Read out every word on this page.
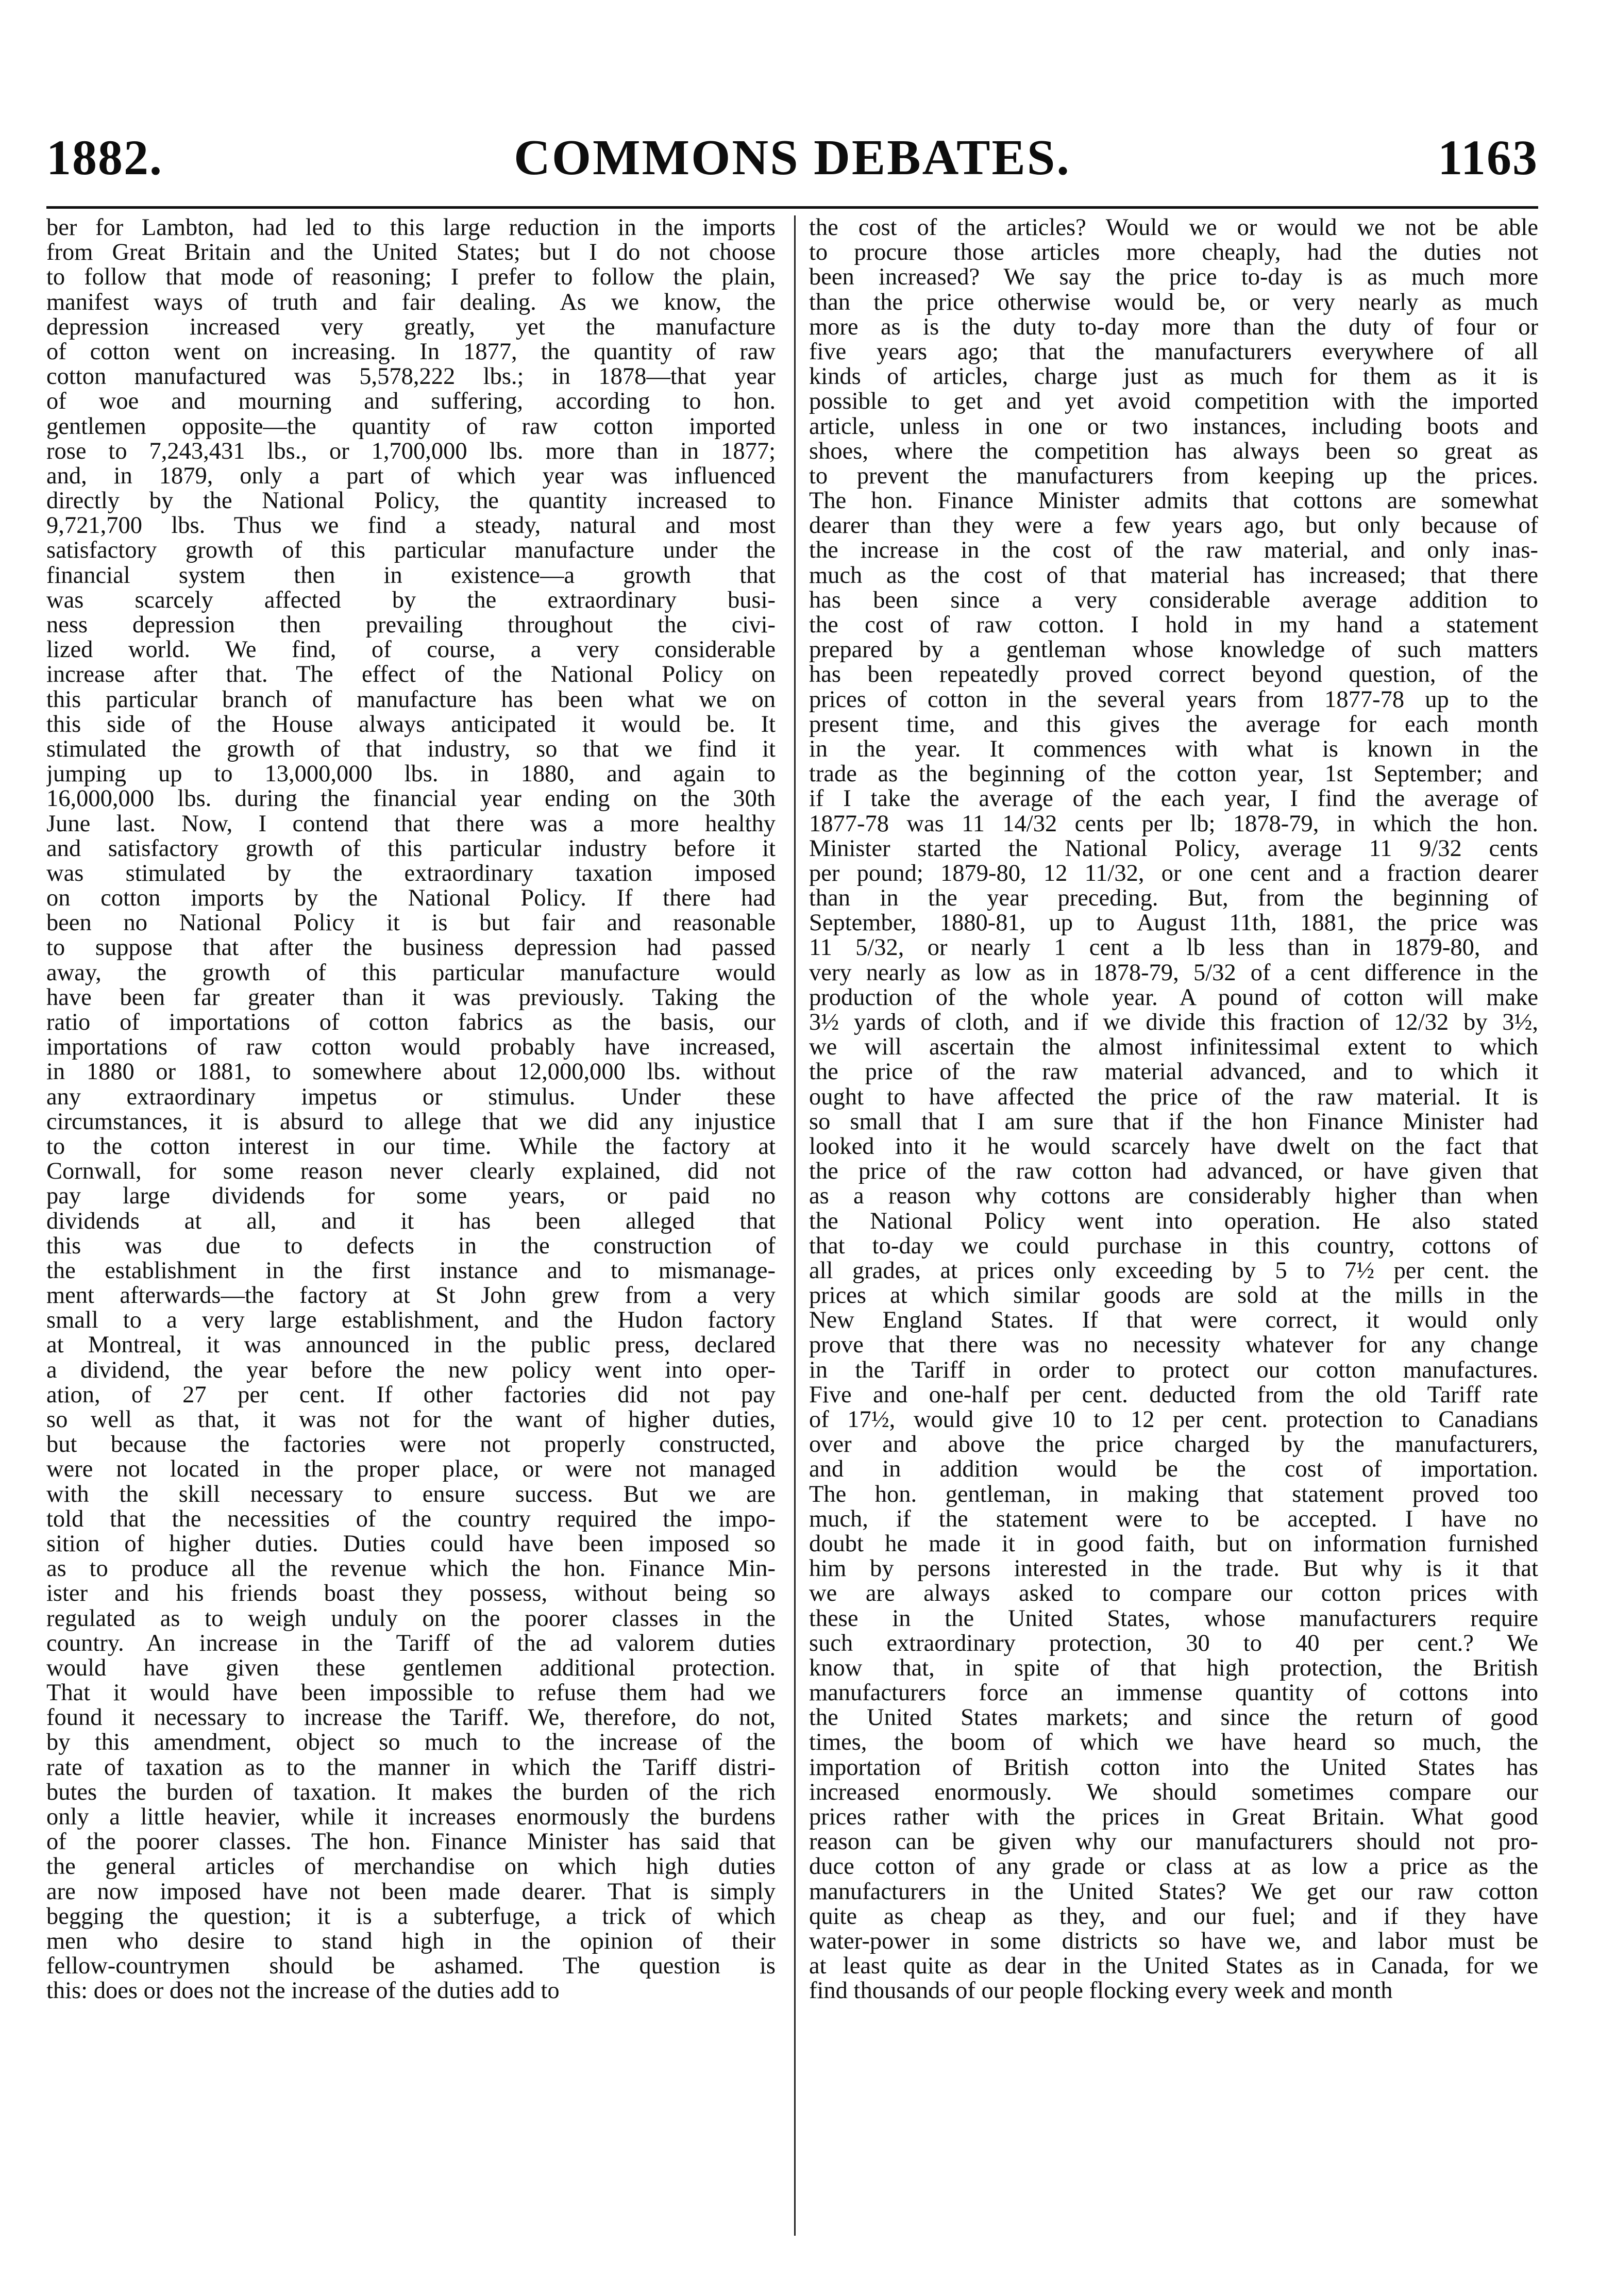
1882.	COMMONS DEBATES.	1163
ber for Lambton, had led to this large reduction in the imports
from Great Britain and the United States; but I do not choose
to follow that mode of reasoning; I prefer to follow the plain,
manifest ways of truth and fair dealing. As we know, the
depression increased very greatly, yet the manufacture
of cotton went on increasing. In 1877, the quantity of raw
cotton manufactured was 5,578,222 lbs.; in 1878—that year
of woe and mourning and suffering, according to hon.
gentlemen opposite—the quantity of raw cotton imported
rose to 7,243,431 lbs., or 1,700,000 lbs. more than in 1877;
and, in 1879, only a part of which year was influenced
directly by the National Policy, the quantity increased to
9,721,700 lbs. Thus we find a steady, natural and most
satisfactory growth of this particular manufacture under the
financial system then in existence—a growth that
was scarcely affected by the extraordinary busi-
ness depression then prevailing throughout the civi-
lized world. We find, of course, a very considerable
increase after that. The effect of the National Policy on
this particular branch of manufacture has been what we on
this side of the House always anticipated it would be. It
stimulated the growth of that industry, so that we find it
jumping up to 13,000,000 lbs. in 1880, and again to
16,000,000 lbs. during the financial year ending on the 30th
June last. Now, I contend that there was a more healthy
and satisfactory growth of this particular industry before it
was stimulated by the extraordinary taxation imposed
on cotton imports by the National Policy. If there had
been no National Policy it is but fair and reasonable
to suppose that after the business depression had passed
away, the growth of this particular manufacture would
have been far greater than it was previously. Taking the
ratio of importations of cotton fabrics as the basis, our
importations of raw cotton would probably have increased,
in 1880 or 1881, to somewhere about 12,000,000 lbs. without
any extraordinary impetus or stimulus. Under these
circumstances, it is absurd to allege that we did any injustice
to the cotton interest in our time. While the factory at
Cornwall, for some reason never clearly explained, did not
pay large dividends for some years, or paid no
dividends at all, and it has been alleged that
this was due to defects in the construction of
the establishment in the first instance and to mismanage-
ment afterwards—the factory at St John grew from a very
small to a very large establishment, and the Hudon factory
at Montreal, it was announced in the public press, declared
a dividend, the year before the new policy went into oper-
ation, of 27 per cent. If other factories did not pay
so well as that, it was not for the want of higher duties,
but because the factories were not properly constructed,
were not located in the proper place, or were not managed
with the skill necessary to ensure success. But we are
told that the necessities of the country required the impo-
sition of higher duties. Duties could have been imposed so
as to produce all the revenue which the hon. Finance Min-
ister and his friends boast they possess, without being so
regulated as to weigh unduly on the poorer classes in the
country. An increase in the Tariff of the ad valorem duties
would have given these gentlemen additional protection.
That it would have been impossible to refuse them had we
found it necessary to increase the Tariff. We, therefore, do not,
by this amendment, object so much to the increase of the
rate of taxation as to the manner in which the Tariff distri-
butes the burden of taxation. It makes the burden of the rich
only a little heavier, while it increases enormously the burdens
of the poorer classes. The hon. Finance Minister has said that
the general articles of merchandise on which high duties
are now imposed have not been made dearer. That is simply
begging the question; it is a subterfuge, a trick of which
men who desire to stand high in the opinion of their
fellow-countrymen should be ashamed. The question is
this: does or does not the increase of the duties add to
the cost of the articles? Would we or would we not be able
to procure those articles more cheaply, had the duties not
been increased? We say the price to-day is as much more
than the price otherwise would be, or very nearly as much
more as is the duty to-day more than the duty of four or
five years ago; that the manufacturers everywhere of all
kinds of articles, charge just as much for them as it is
possible to get and yet avoid competition with the imported
article, unless in one or two instances, including boots and
shoes, where the competition has always been so great as
to prevent the manufacturers from keeping up the prices.
The hon. Finance Minister admits that cottons are somewhat
dearer than they were a few years ago, but only because of
the increase in the cost of the raw material, and only inas-
much as the cost of that material has increased; that there
has been since a very considerable average addition to
the cost of raw cotton. I hold in my hand a statement
prepared by a gentleman whose knowledge of such matters
has been repeatedly proved correct beyond question, of the
prices of cotton in the several years from 1877-78 up to the
present time, and this gives the average for each month
in the year. It commences with what is known in the
trade as the beginning of the cotton year, 1st September; and
if I take the average of the each year, I find the average of
1877-78 was 11 14/32 cents per lb; 1878-79, in which the hon.
Minister started the National Policy, average 11 9/32 cents
per pound; 1879-80, 12 11/32, or one cent and a fraction dearer
than in the year preceding. But, from the beginning of
September, 1880-81, up to August 11th, 1881, the price was
11 5/32, or nearly 1 cent a lb less than in 1879-80, and
very nearly as low as in 1878-79, 5/32 of a cent difference in the
production of the whole year. A pound of cotton will make
3½ yards of cloth, and if we divide this fraction of 12/32 by 3½,
we will ascertain the almost infinitessimal extent to which
the price of the raw material advanced, and to which it
ought to have affected the price of the raw material. It is
so small that I am sure that if the hon Finance Minister had
looked into it he would scarcely have dwelt on the fact that
the price of the raw cotton had advanced, or have given that
as a reason why cottons are considerably higher than when
the National Policy went into operation. He also stated
that to-day we could purchase in this country, cottons of
all grades, at prices only exceeding by 5 to 7½ per cent. the
prices at which similar goods are sold at the mills in the
New England States. If that were correct, it would only
prove that there was no necessity whatever for any change
in the Tariff in order to protect our cotton manufactures.
Five and one-half per cent. deducted from the old Tariff rate
of 17½, would give 10 to 12 per cent. protection to Canadians
over and above the price charged by the manufacturers,
and in addition would be the cost of importation.
The hon. gentleman, in making that statement proved too
much, if the statement were to be accepted. I have no
doubt he made it in good faith, but on information furnished
him by persons interested in the trade. But why is it that
we are always asked to compare our cotton prices with
these in the United States, whose manufacturers require
such extraordinary protection, 30 to 40 per cent.? We
know that, in spite of that high protection, the British
manufacturers force an immense quantity of cottons into
the United States markets; and since the return of good
times, the boom of which we have heard so much, the
importation of British cotton into the United States has
increased enormously. We should sometimes compare our
prices rather with the prices in Great Britain. What good
reason can be given why our manufacturers should not pro-
duce cotton of any grade or class at as low a price as the
manufacturers in the United States? We get our raw cotton
quite as cheap as they, and our fuel; and if they have
water-power in some districts so have we, and labor must be
at least quite as dear in the United States as in Canada, for we
find thousands of our people flocking every week and month
